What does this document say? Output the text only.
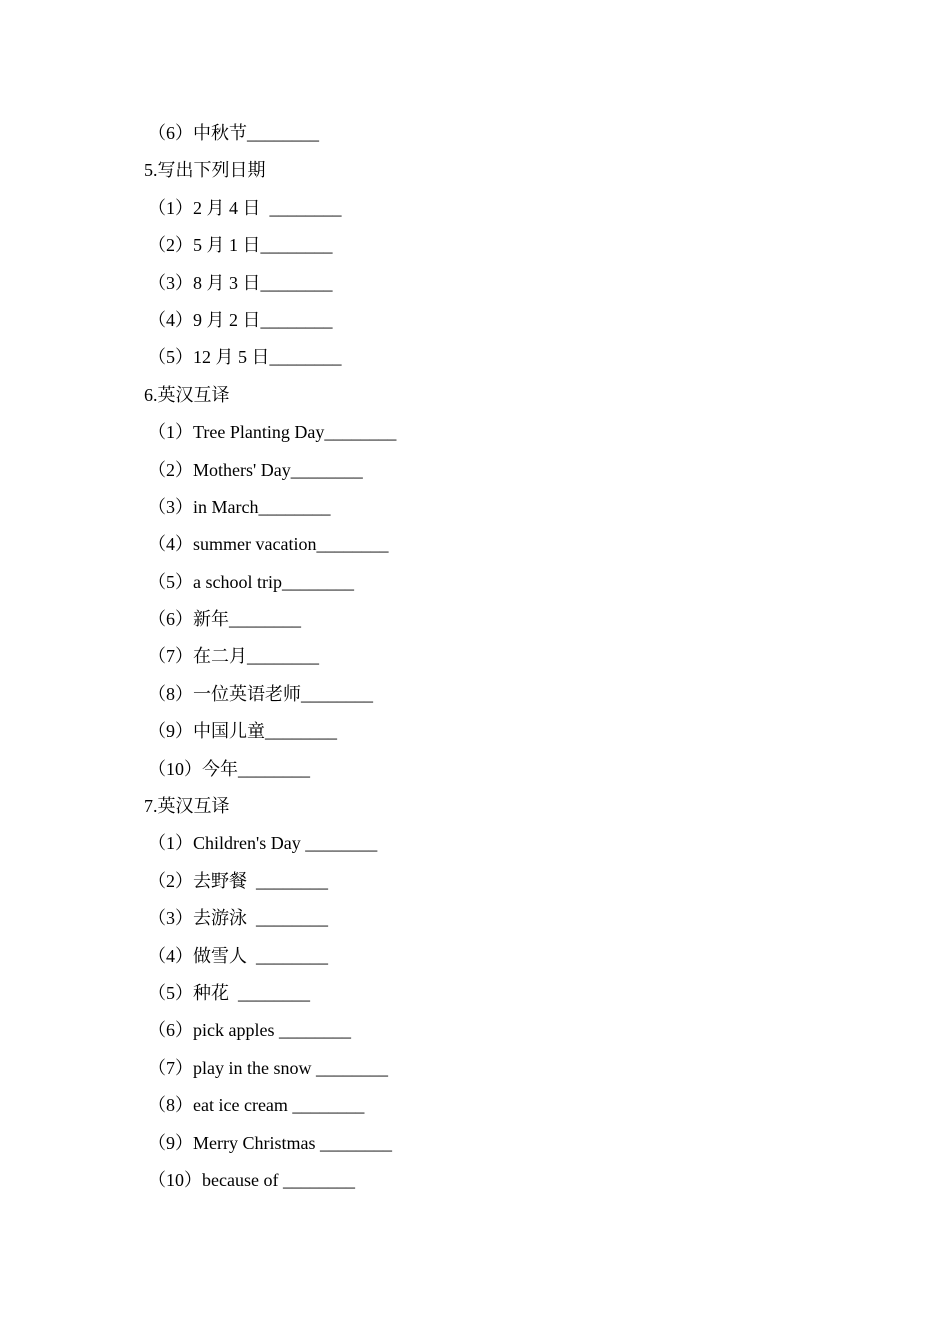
（6）中秋节________
5.写出下列日期
（1）2 月 4 日  ________
（2）5 月 1 日________
（3）8 月 3 日________
（4）9 月 2 日________
（5）12 月 5 日________
6.英汉互译
（1）Tree Planting Day________
（2）Mothers' Day________
（3）in March________
（4）summer vacation________
（5）a school trip________
（6）新年________
（7）在二月________
（8）一位英语老师________
（9）中国儿童________
（10）今年________
7.英汉互译
（1）Children's Day ________
（2）去野餐  ________
（3）去游泳  ________
（4）做雪人  ________
（5）种花  ________
（6）pick apples ________
（7）play in the snow ________
（8）eat ice cream ________
（9）Merry Christmas ________
（10）because of ________
